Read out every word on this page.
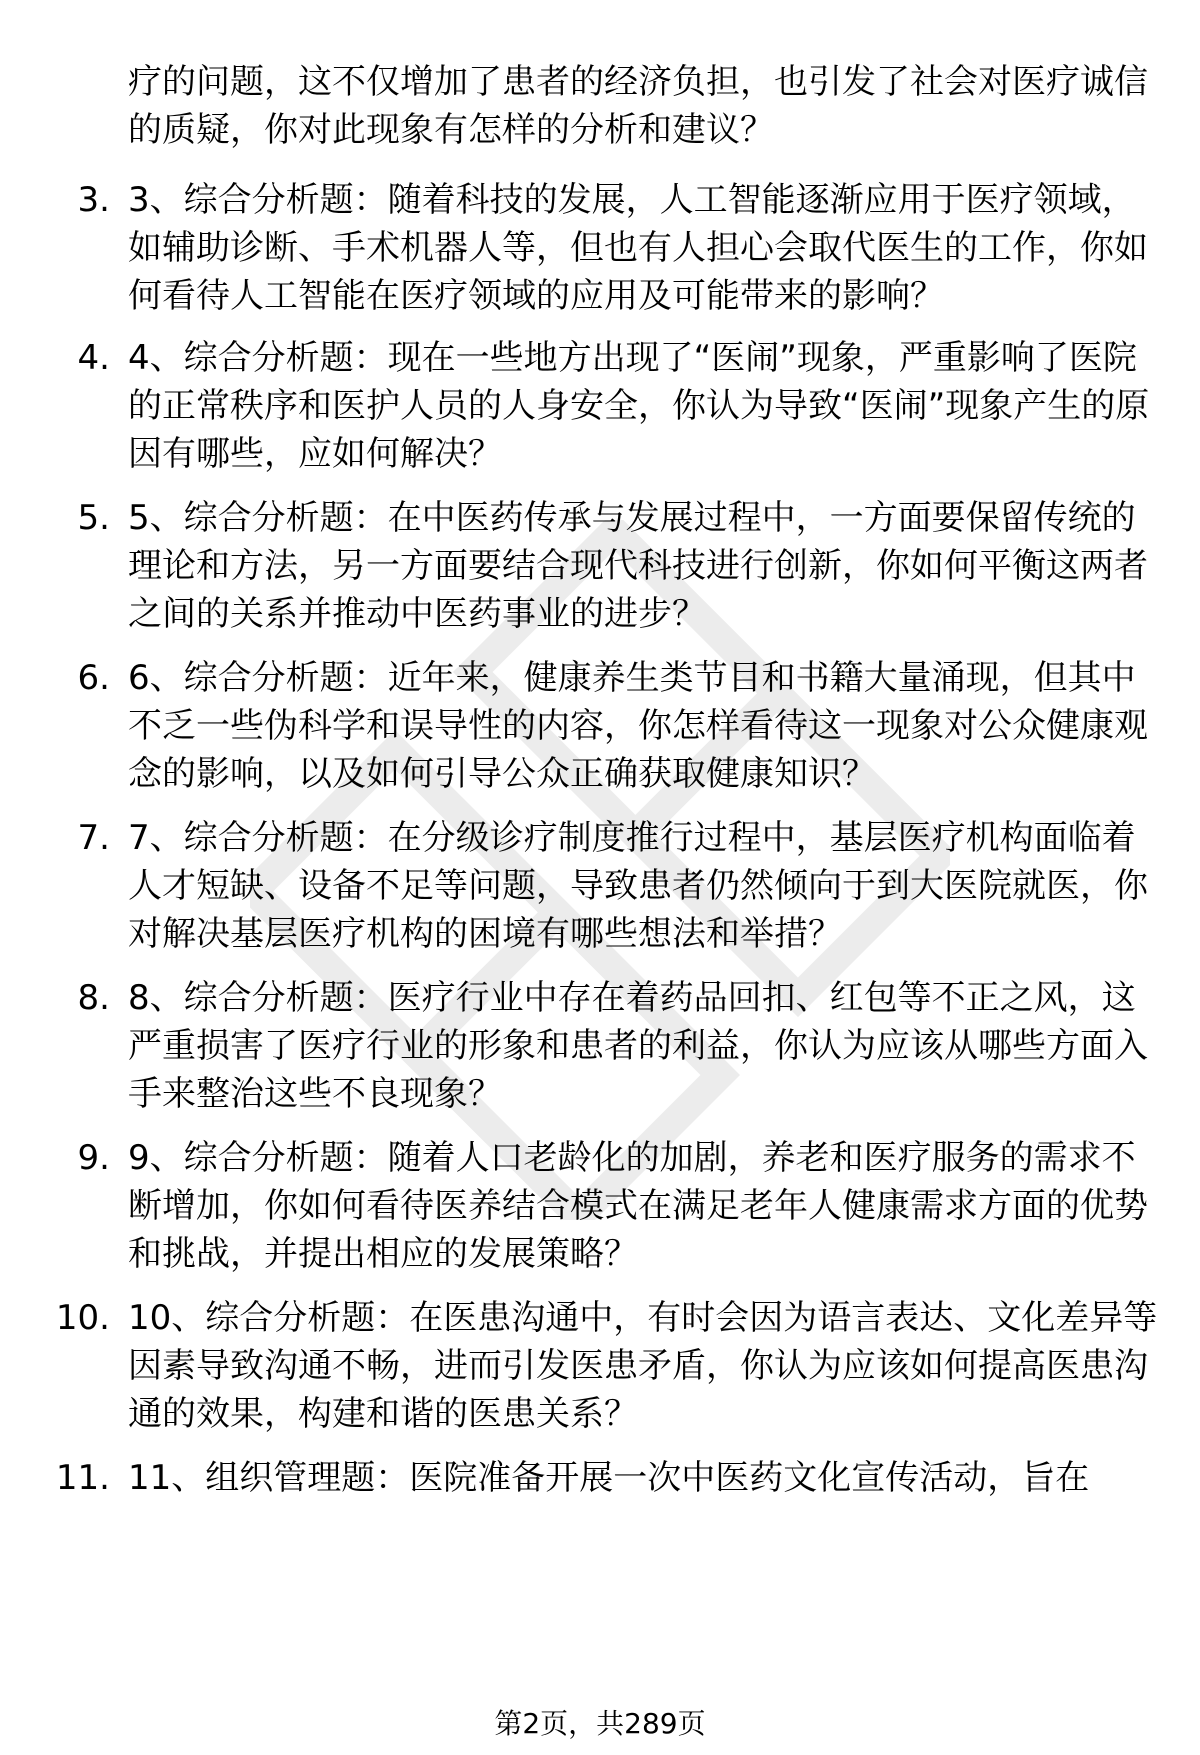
疗的问题，这不仅增加了患者的经济负担，也引发了社会对医疗诚信的质疑，你对此现象有怎样的分析和建议？
3. 3、综合分析题：随着科技的发展，人工智能逐渐应用于医疗领域，如辅助诊断、手术机器人等，但也有人担心会取代医生的工作，你如何看待人工智能在医疗领域的应用及可能带来的影响？
4. 4、综合分析题：现在一些地方出现了“医闹”现象，严重影响了医院的正常秩序和医护人员的人身安全，你认为导致“医闹”现象产生的原因有哪些，应如何解决？
5. 5、综合分析题：在中医药传承与发展过程中，一方面要保留传统的理论和方法，另一方面要结合现代科技进行创新，你如何平衡这两者之间的关系并推动中医药事业的进步？
6. 6、综合分析题：近年来，健康养生类节目和书籍大量涌现，但其中不乏一些伪科学和误导性的内容，你怎样看待这一现象对公众健康观念的影响，以及如何引导公众正确获取健康知识？
7. 7、综合分析题：在分级诊疗制度推行过程中，基层医疗机构面临着人才短缺、设备不足等问题，导致患者仍然倾向于到大医院就医，你对解决基层医疗机构的困境有哪些想法和举措？
8. 8、综合分析题：医疗行业中存在着药品回扣、红包等不正之风，这严重损害了医疗行业的形象和患者的利益，你认为应该从哪些方面入手来整治这些不良现象？
9. 9、综合分析题：随着人口老龄化的加剧，养老和医疗服务的需求不断增加，你如何看待医养结合模式在满足老年人健康需求方面的优势和挑战，并提出相应的发展策略？
10. 10、综合分析题：在医患沟通中，有时会因为语言表达、文化差异等因素导致沟通不畅，进而引发医患矛盾，你认为应该如何提高医患沟通的效果，构建和谐的医患关系？
11. 11、组织管理题：医院准备开展一次中医药文化宣传活动，旨在
第2页，共289页
